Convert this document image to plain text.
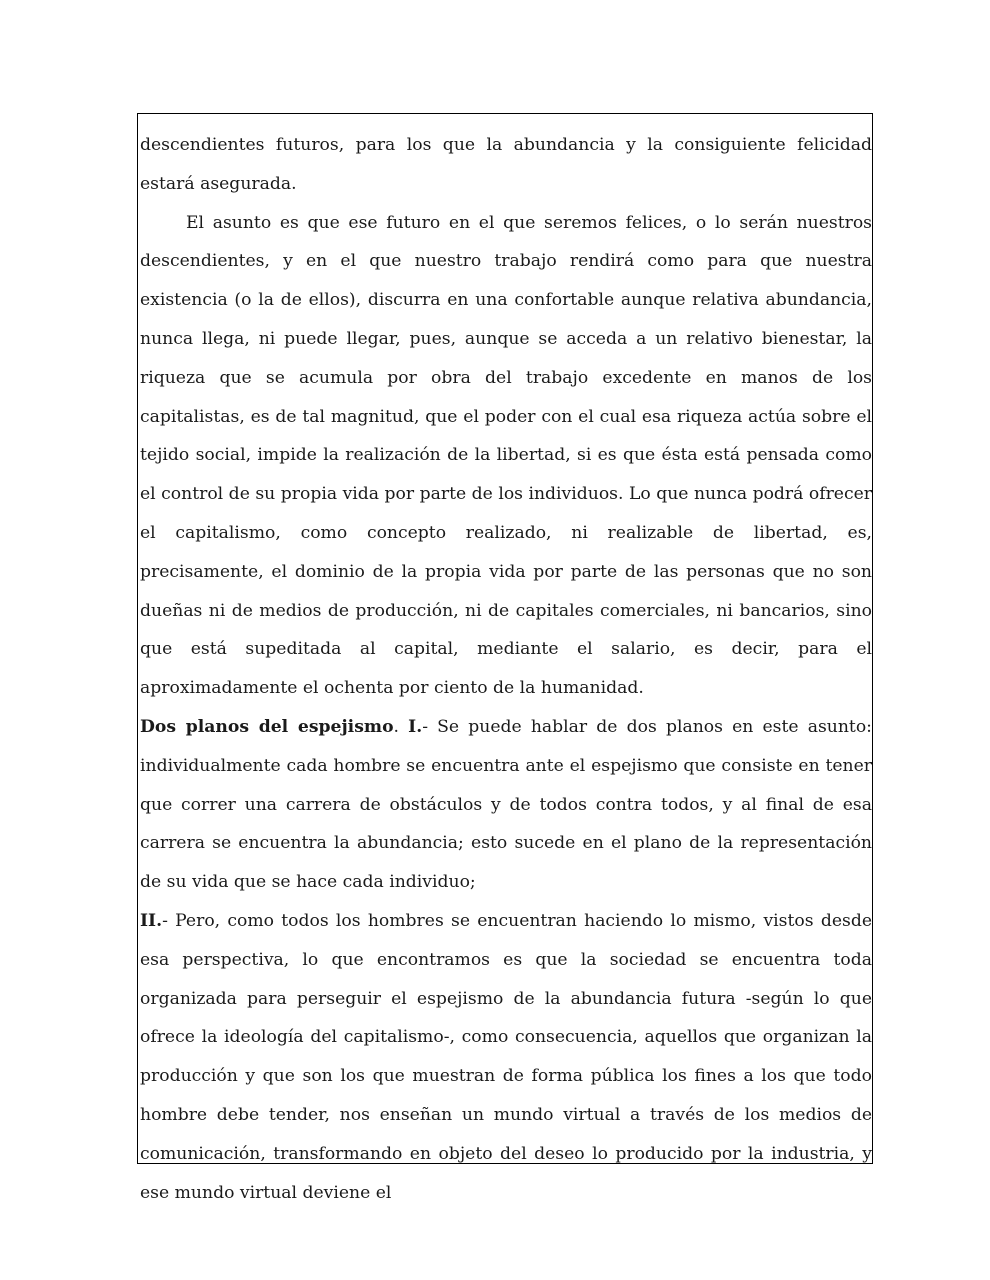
descendientes futuros, para los que la abundancia y la consiguiente felicidad estará asegurada.

El asunto es que ese futuro en el que seremos felices, o lo serán nuestros descendientes, y en el que nuestro trabajo rendirá como para que nuestra existencia (o la de ellos), discurra en una confortable aunque relativa abundancia, nunca llega, ni puede llegar, pues, aunque se acceda a un relativo bienestar, la riqueza que se acumula por obra del trabajo excedente en manos de los capitalistas, es de tal magnitud, que el poder con el cual esa riqueza actúa sobre el tejido social, impide la realización de la libertad, si es que ésta está pensada como el control de su propia vida por parte de los individuos. Lo que nunca podrá ofrecer el capitalismo, como concepto realizado, ni realizable de libertad, es, precisamente, el dominio de la propia vida por parte de las personas que no son dueñas ni de medios de producción, ni de capitales comerciales, ni bancarios, sino que está supeditada al capital, mediante el salario, es decir, para el aproximadamente el ochenta por ciento de la humanidad.

Dos planos del espejismo. I.- Se puede hablar de dos planos en este asunto: individualmente cada hombre se encuentra ante el espejismo que consiste en tener que correr una carrera de obstáculos y de todos contra todos, y al final de esa carrera se encuentra la abundancia; esto sucede en el plano de la representación de su vida que se hace cada individuo;

II.- Pero, como todos los hombres se encuentran haciendo lo mismo, vistos desde esa perspectiva, lo que encontramos es que la sociedad se encuentra toda organizada para perseguir el espejismo de la abundancia futura -según lo que ofrece la ideología del capitalismo-, como consecuencia, aquellos que organizan la producción y que son los que muestran de forma pública los fines a los que todo hombre debe tender, nos enseñan un mundo virtual a través de los medios de comunicación, transformando en objeto del deseo lo producido por la industria, y ese mundo virtual deviene el
